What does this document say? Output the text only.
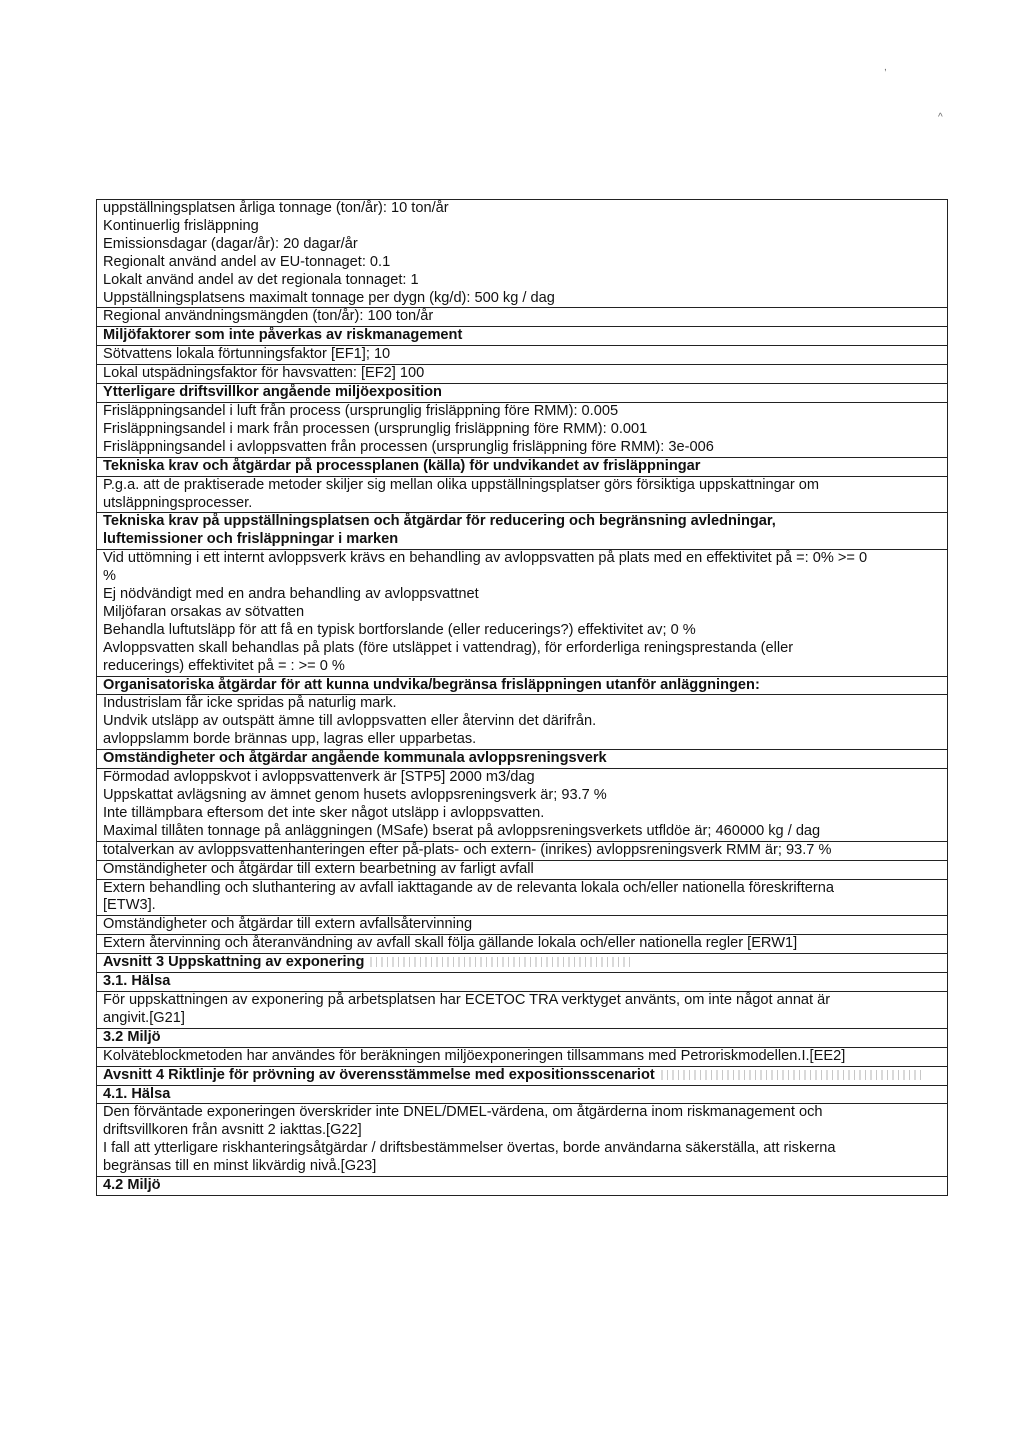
,
^
uppställningsplatsen årliga tonnage (ton/år): 10 ton/år
Kontinuerlig frisläppning
Emissionsdagar (dagar/år): 20 dagar/år
Regionalt använd andel av EU-tonnaget: 0.1
Lokalt använd andel av det regionala tonnaget: 1
Uppställningsplatsens maximalt tonnage per dygn (kg/d): 500 kg / dag
Regional användningsmängden (ton/år): 100 ton/år
Miljöfaktorer som inte påverkas av riskmanagement
Sötvattens lokala förtunningsfaktor [EF1]; 10
Lokal utspädningsfaktor för havsvatten: [EF2] 100
Ytterligare driftsvillkor angående miljöexposition
Frisläppningsandel i luft från process (ursprunglig frisläppning före RMM): 0.005
Frisläppningsandel i mark från processen (ursprunglig frisläppning före RMM): 0.001
Frisläppningsandel i avloppsvatten från processen (ursprunglig frisläppning före RMM): 3e-006
Tekniska krav och åtgärdar på processplanen (källa) för undvikandet av frisläppningar
P.g.a. att de praktiserade metoder skiljer sig mellan olika uppställningsplatser görs försiktiga uppskattningar om
utsläppningsprocesser.
Tekniska krav på uppställningsplatsen och åtgärdar för reducering och begränsning avledningar,
luftemissioner och frisläppningar i marken
Vid uttömning i ett internt avloppsverk krävs en behandling av avloppsvatten på plats med en effektivitet på =: 0% >= 0
%
Ej nödvändigt med en andra behandling av avloppsvattnet
Miljöfaran orsakas av sötvatten
Behandla luftutsläpp för att få en typisk bortforslande (eller reducerings?) effektivitet av; 0 %
Avloppsvatten skall behandlas på plats (före utsläppet i vattendrag), för erforderliga reningsprestanda (eller
reducerings) effektivitet på = : >= 0 %
Organisatoriska åtgärdar för att kunna undvika/begränsa frisläppningen utanför anläggningen:
Industrislam får icke spridas på naturlig mark.
Undvik utsläpp av outspätt ämne till avloppsvatten eller återvinn det därifrån.
avloppslamm borde brännas upp, lagras eller upparbetas.
Omständigheter och åtgärdar angående kommunala avloppsreningsverk
Förmodad avloppskvot i avloppsvattenverk är [STP5] 2000 m3/dag
Uppskattat avlägsning av ämnet genom husets avloppsreningsverk är; 93.7 %
Inte tillämpbara eftersom det inte sker något utsläpp i avloppsvatten.
Maximal tillåten tonnage på anläggningen (MSafe) bserat på avloppsreningsverkets utfldöe är; 460000 kg / dag
totalverkan av avloppsvattenhanteringen efter på-plats- och extern- (inrikes) avloppsreningsverk RMM är; 93.7 %
Omständigheter och åtgärdar till extern bearbetning av farligt avfall
Extern behandling och sluthantering av avfall iakttagande av de relevanta lokala och/eller nationella föreskrifterna
[ETW3].
Omständigheter och åtgärdar till extern avfallsåtervinning
Extern återvinning och återanvändning av avfall skall följa gällande lokala och/eller nationella regler [ERW1]
Avsnitt 3 Uppskattning av exponering
3.1. Hälsa
För uppskattningen av exponering på arbetsplatsen har ECETOC TRA verktyget använts, om inte något annat är
angivit.[G21]
3.2 Miljö
Kolväteblockmetoden har användes för beräkningen miljöexponeringen tillsammans med Petroriskmodellen.I.[EE2]
Avsnitt 4 Riktlinje för prövning av överensstämmelse med expositionsscenariot
4.1. Hälsa
Den förväntade exponeringen överskrider inte DNEL/DMEL-värdena, om åtgärderna inom riskmanagement och
driftsvillkoren från avsnitt 2 iakttas.[G22]
I fall att ytterligare riskhanteringsåtgärdar / driftsbestämmelser övertas, borde användarna säkerställa, att riskerna
begränsas till en minst likvärdig nivå.[G23]
4.2 Miljö
